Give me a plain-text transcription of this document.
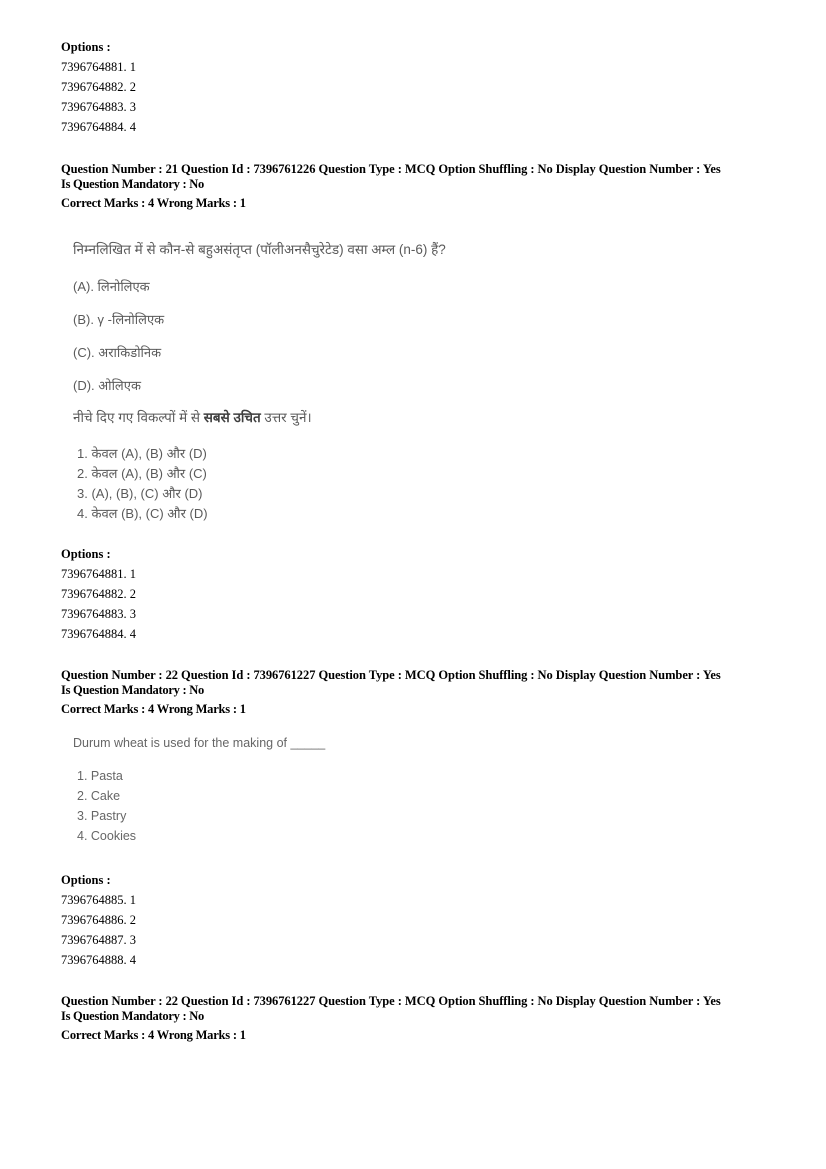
Options :
7396764881. 1
7396764882. 2
7396764883. 3
7396764884. 4
Question Number : 21 Question Id : 7396761226 Question Type : MCQ Option Shuffling : No Display Question Number : Yes
Is Question Mandatory : No
Correct Marks : 4 Wrong Marks : 1
निम्नलिखित में से कौन-से बहुअसंतृप्त (पॉलीअनसैचुरेटेड) वसा अम्ल (n-6) हैं?
(A). लिनोलिएक
(B). γ -लिनोलिएक
(C). अराकिडोनिक
(D). ओलिएक
नीचे दिए गए विकल्पों में से सबसे उचित उत्तर चुनें।
1. केवल (A), (B) और (D)
2. केवल (A), (B) और (C)
3. (A), (B), (C) और (D)
4. केवल (B), (C) और (D)
Options :
7396764881. 1
7396764882. 2
7396764883. 3
7396764884. 4
Question Number : 22 Question Id : 7396761227 Question Type : MCQ Option Shuffling : No Display Question Number : Yes
Is Question Mandatory : No
Correct Marks : 4 Wrong Marks : 1
Durum wheat is used for the making of _____
1. Pasta
2. Cake
3. Pastry
4. Cookies
Options :
7396764885. 1
7396764886. 2
7396764887. 3
7396764888. 4
Question Number : 22 Question Id : 7396761227 Question Type : MCQ Option Shuffling : No Display Question Number : Yes
Is Question Mandatory : No
Correct Marks : 4 Wrong Marks : 1
